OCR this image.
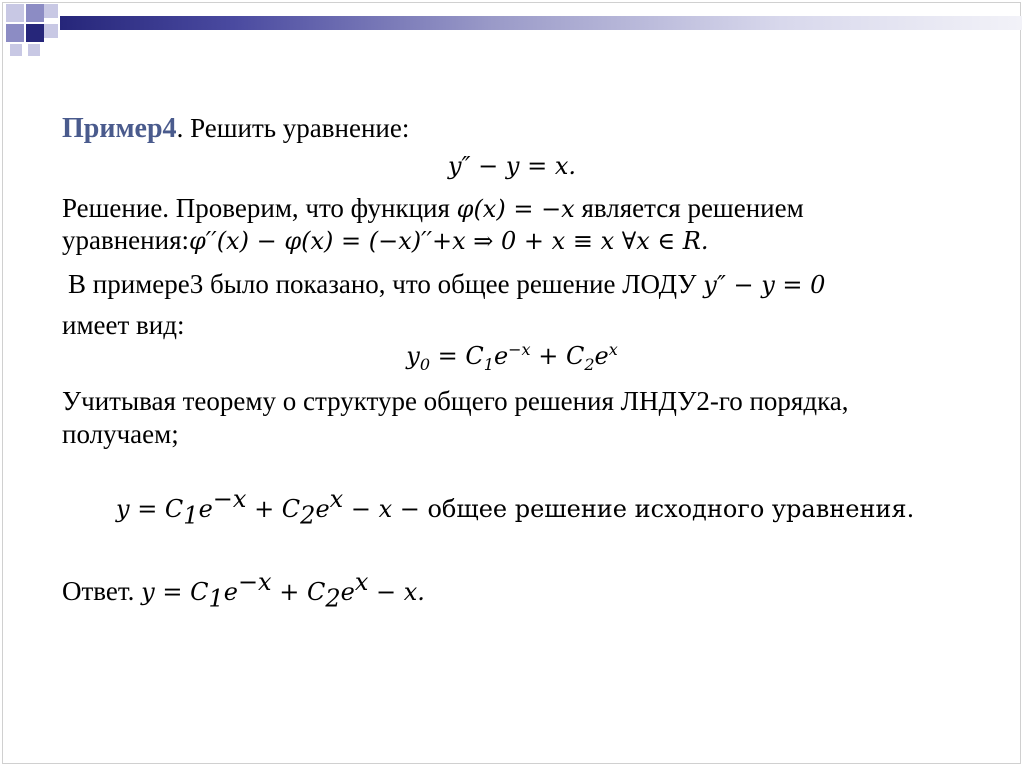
Пример4. Решить уравнение:
y″ − y = x.
Решение. Проверим, что функция φ(x) = −x является решением
уравнения:φ′′(x) − φ(x) = (−x)′′+x ⇒ 0 + x ≡ x ∀x ∈ R.
В примере3 было показано, что общее решение ЛОДУ y″ − y = 0
имеет вид:
$y_0 = C_1e^{-x} + C_2e^x$
Учитывая теорему о структуре общего решения ЛНДУ2-го порядка,
получаем;
$y = C_1e^{-x} + C_2e^x - x$ − общее решение исходного уравнения.
Ответ. $y = C_1e^{-x} + C_2e^x - x$.
